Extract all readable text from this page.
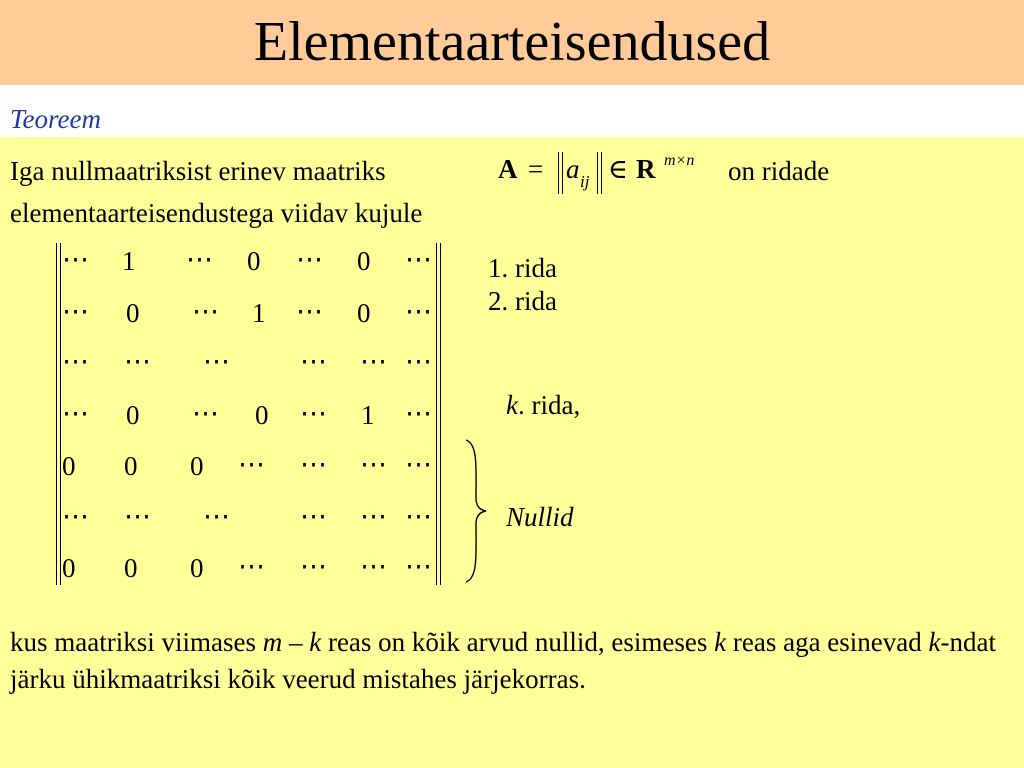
Elementaarteisendused
Teoreem
Iga nullmaatriksist erinev maatriks	A = a ij ∈ R m×n on ridade
elementaarteisendustega viidav kujule
⋯ 1 ⋯ 0 ⋯ 0 ⋯
⋯ 0 ⋯ 1 ⋯ 0 ⋯
⋯ ⋯ ⋯	⋯ ⋯ ⋯
⋯ 0 ⋯ 0 ⋯ 1 ⋯
0 0 0 ⋯ ⋯ ⋯ ⋯
⋯ ⋯ ⋯	⋯ ⋯ ⋯
0 0 0 ⋯ ⋯ ⋯ ⋯
1. rida
2. rida
k. rida,
Nullid
kus maatriksi viimases m – k reas on kõik arvud nullid, esimeses k reas aga esinevad k-ndat järku ühikmaatriksi kõik veerud mistahes järjekorras.
